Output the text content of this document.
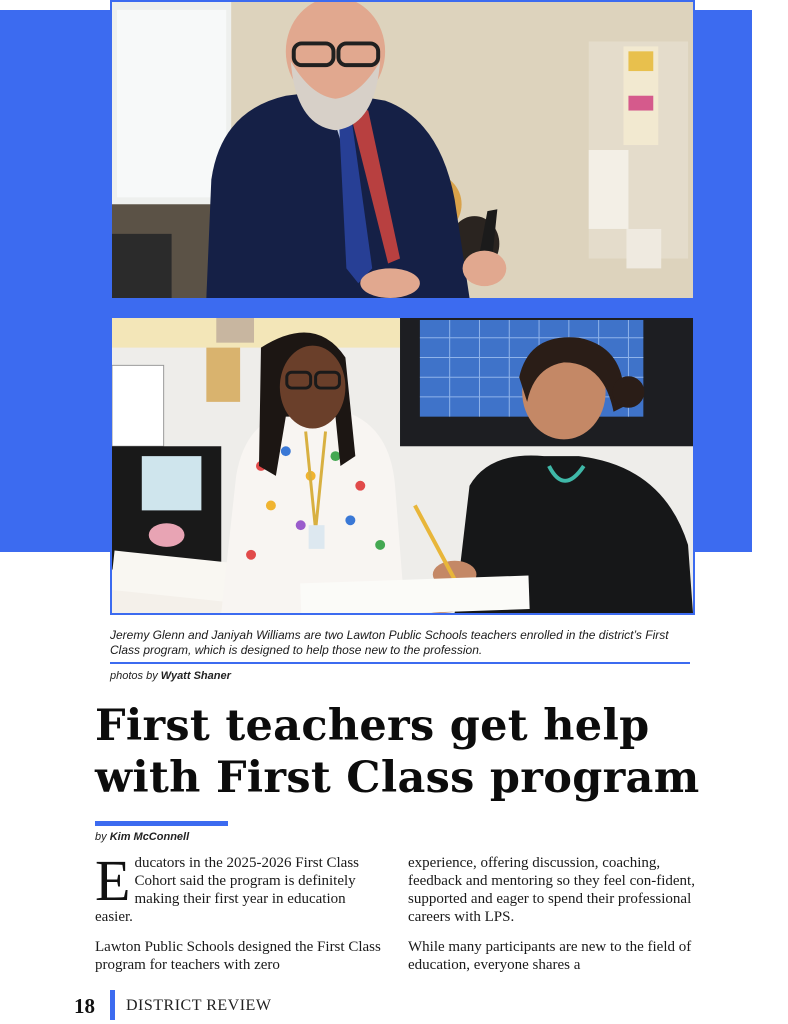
Jeremy Glenn and Janiyah Williams are two Lawton Public Schools teachers enrolled in the district’s First Class program, which is designed to help those new to the profession.
photos by Wyatt Shaner
First teachers get help with First Class program
by Kim McConnell

Educators in the 2025-2026 First Class Cohort said the program is definitely making their first year in education easier.

Lawton Public Schools designed the First Class program for teachers with zero

experience, offering discussion, coaching, feedback and mentoring so they feel con-fident, supported and eager to spend their professional careers with LPS.

While many participants are new to the field of education, everyone shares a

18 DISTRICT REVIEW
